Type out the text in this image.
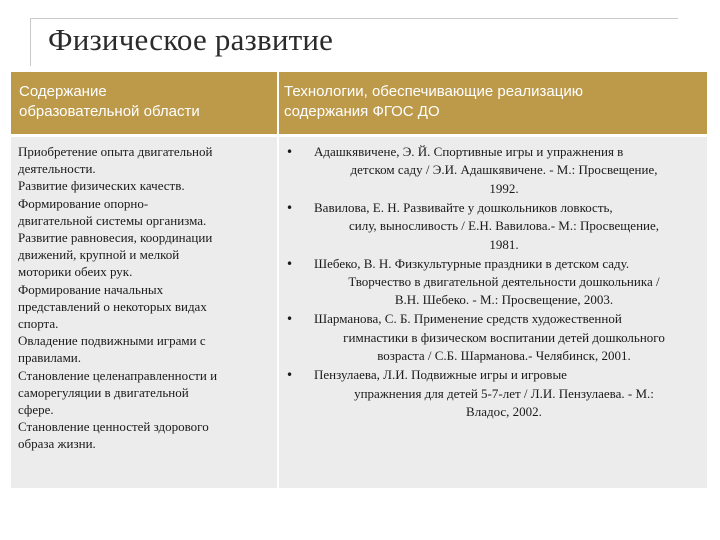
Физическое развитие
Содержание
образовательной области
Технологии, обеспечивающие реализацию
содержания ФГОС ДО
Приобретение опыта двигательной
деятельности.
Развитие физических качеств.
Формирование опорно-
двигательной системы организма.
Развитие равновесия, координации
движений, крупной и мелкой
моторики обеих рук.
Формирование начальных
представлений о некоторых видах
спорта.
Овладение подвижными играми с
правилами.
Становление целенаправленности и
саморегуляции в двигательной
сфере.
Становление ценностей здорового
образа жизни.
• Адашкявичене, Э. Й. Спортивные игры и упражнения в
детском саду / Э.И. Адашкявичене. - М.: Просвещение,
1992.
• Вавилова, Е. Н. Развивайте у дошкольников ловкость,
силу, выносливость / Е.Н. Вавилова.- М.: Просвещение,
1981.
• Шебеко, В. Н. Физкультурные праздники в детском саду.
Творчество в двигательной деятельности дошкольника /
В.Н. Шебеко. - М.: Просвещение, 2003.
• Шарманова, С. Б. Применение средств художественной
гимнастики в физическом воспитании детей дошкольного
возраста / С.Б. Шарманова.- Челябинск, 2001.
• Пензулаева, Л.И. Подвижные игры и игровые
упражнения для детей 5-7-лет / Л.И. Пензулаева. - М.:
Владос, 2002.
